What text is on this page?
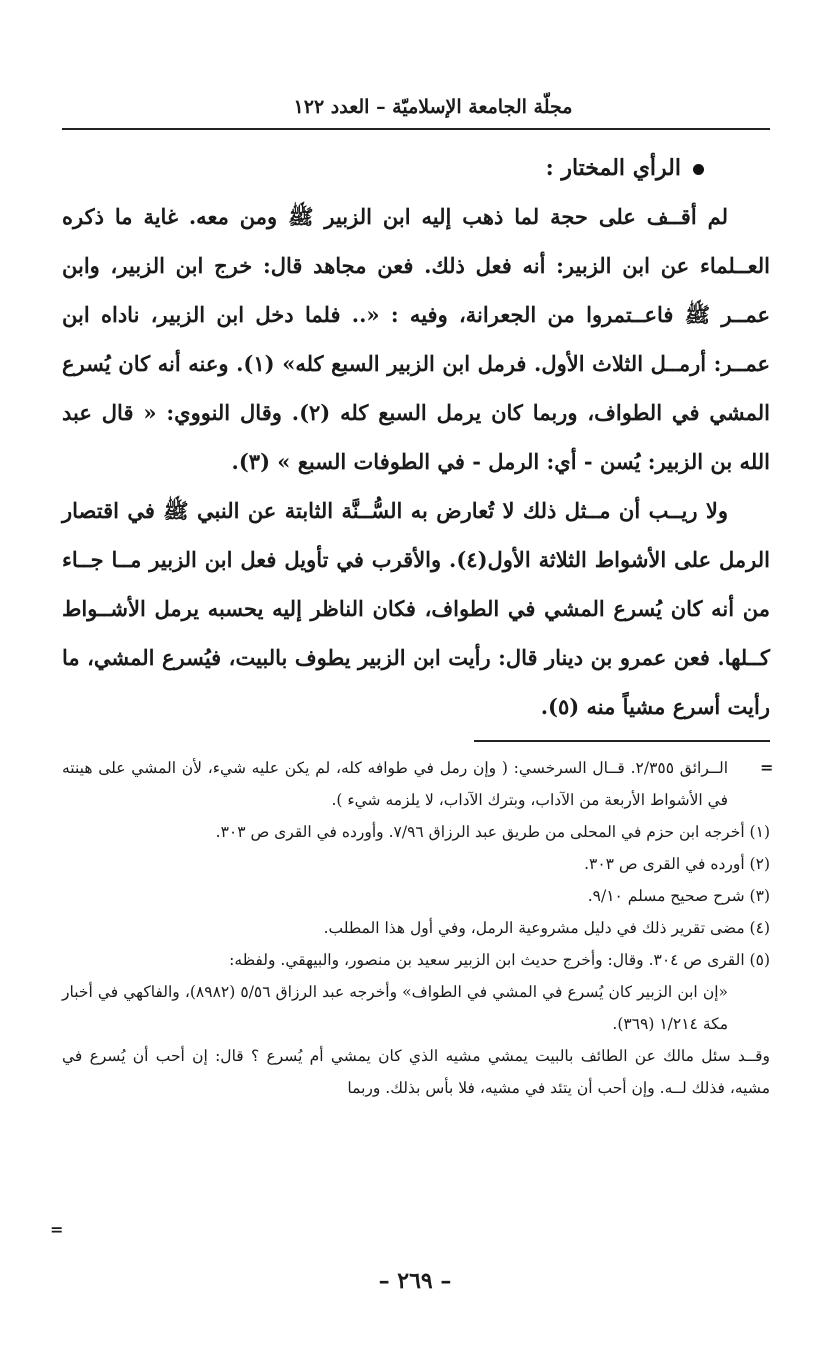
مجلّة الجامعة الإسلاميّة – العدد ١٢٢
الرأي المختار :

لم أقــف على حجة لما ذهب إليه ابن الزبير ﷺ ومن معه. غاية ما ذكره العــلماء عن ابن الزبير: أنه فعل ذلك. فعن مجاهد قال: خرج ابن الزبير، وابن عمــر ﷺ فاعــتمروا من الجعرانة، وفيه : «.. فلما دخل ابن الزبير، ناداه ابن عمــر: أرمــل الثلاث الأول. فرمل ابن الزبير السبع كله» (١). وعنه أنه كان يُسرع المشي في الطواف، وربما كان يرمل السبع كله (٢). وقال النووي: « قال عبد الله بن الزبير: يُسن - أي: الرمل - في الطوفات السبع » (٣).

ولا ريــب أن مــثل ذلك لا تُعارض به السُّــنَّة الثابتة عن النبي ﷺ في اقتصار الرمل على الأشواط الثلاثة الأول(٤). والأقرب في تأويل فعل ابن الزبير مــا جــاء من أنه كان يُسرع المشي في الطواف، فكان الناظر إليه يحسبه يرمل الأشــواط كــلها. فعن عمرو بن دينار قال: رأيت ابن الزبير يطوف بالبيت، فيُسرع المشي، ما رأيت أسرع مشياً منه (٥).

=

الــرائق ٢/٣٥٥. قــال السرخسي: ( وإن رمل في طوافه كله، لم يكن عليه شيء، لأن المشي على هينته في الأشواط الأربعة من الآداب، وبترك الآداب، لا يلزمه شيء ).

(١) أخرجه ابن حزم في المحلى من طريق عبد الرزاق ٧/٩٦. وأورده في القرى ص ٣٠٣.

(٢) أورده في القرى ص ٣٠٣.

(٣) شرح صحيح مسلم ٩/١٠.

(٤) مضى تقرير ذلك في دليل مشروعية الرمل، وفي أول هذا المطلب.

(٥) القرى ص ٣٠٤. وقال: وأخرج حديث ابن الزبير سعيد بن منصور، والبيهقي. ولفظه:

«إن ابن الزبير كان يُسرع في المشي في الطواف» وأخرجه عبد الرزاق ٥/٥٦ (٨٩٨٢)، والفاكهي في أخبار مكة ١/٢١٤ (٣٦٩).

وقــد سئل مالك عن الطائف بالبيت يمشي مشيه الذي كان يمشي أم يُسرع ؟ قال: إن أحب أن يُسرع في مشيه، فذلك لــه. وإن أحب أن يتئد في مشيه، فلا بأس بذلك. وربما

=
– ٢٦٩ –
